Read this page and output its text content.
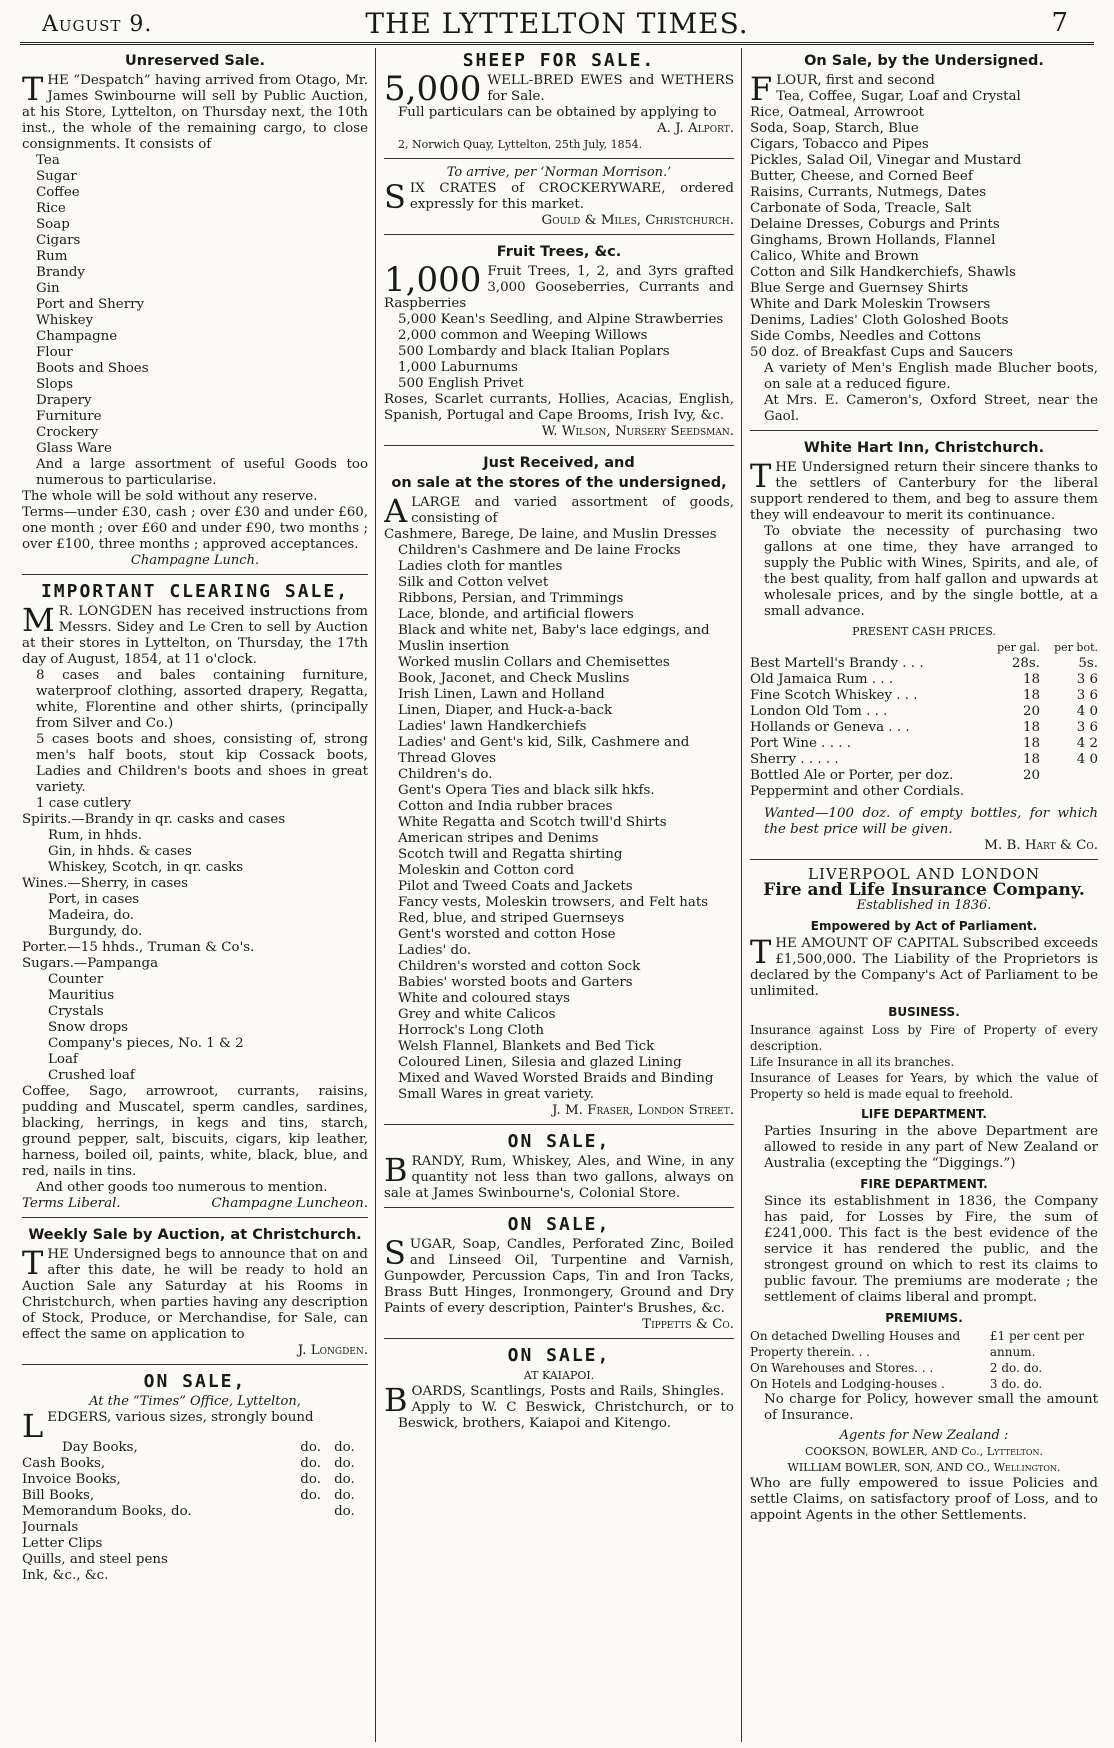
August 9.	THE LYTTELTON TIMES.	7
Unreserved Sale.

THE “Despatch” having arrived from Otago, Mr. James Swinbourne will sell by Public Auction, at his Store, Lyttelton, on Thursday next, the 10th inst., the whole of the remaining cargo, to close consignments. It consists of

Tea
Sugar
Coffee
Rice
Soap
Cigars
Rum
Brandy
Gin
Port and Sherry
Whiskey
Champagne
Flour
Boots and Shoes
Slops
Drapery
Furniture
Crockery
Glass Ware

And a large assortment of useful Goods too numerous to particularise.

The whole will be sold without any reserve.

Terms—under £30, cash ; over £30 and under £60, one month ; over £60 and under £90, two months ; over £100, three months ; approved acceptances.

Champagne Lunch.
IMPORTANT CLEARING SALE,

M R. LONGDEN has received instructions from Messrs. Sidey and Le Cren to sell by Auction at their stores in Lyttelton, on Thursday, the 17th day of August, 1854, at 11 o'clock.

8 cases and bales containing furniture, waterproof clothing, assorted drapery, Regatta, white, Florentine and other shirts, (principally from Silver and Co.)

5 cases boots and shoes, consisting of, strong men's half boots, stout kip Cossack boots, Ladies and Children's boots and shoes in great variety.

1 case cutlery

Spirits.—Brandy in qr. casks and cases
Rum, in hhds.
Gin, in hhds. & cases
Whiskey, Scotch, in qr. casks
Wines.—Sherry, in cases
Port, in cases
Madeira, do.
Burgundy, do.
Porter.—15 hhds., Truman & Co's.
Sugars.—Pampanga
Counter
Mauritius
Crystals
Snow drops
Company's pieces, No. 1 & 2
Loaf
Crushed loaf

Coffee, Sago, arrowroot, currants, raisins, pudding and Muscatel, sperm candles, sardines, blacking, herrings, in kegs and tins, starch, ground pepper, salt, biscuits, cigars, kip leather, harness, boiled oil, paints, white, black, blue, and red, nails in tins.

And other goods too numerous to mention.

Terms Liberal.	Champagne Luncheon.
Weekly Sale by Auction, at Christchurch.

THE Undersigned begs to announce that on and after this date, he will be ready to hold an Auction Sale any Saturday at his Rooms in Christchurch, when parties having any description of Stock, Produce, or Merchandise, for Sale, can effect the same on application to

J. Longden.
ON SALE,
At the “Times” Office, Lyttelton,

LEDGERS, various sizes, strongly bound

Day Books,	do.	do.
Cash Books,	do.	do.
Invoice Books,	do.	do.
Bill Books,	do.	do.
Memorandum Books, do.		do.
Journals
Letter Clips
Quills, and steel pens
Ink, &c., &c.
SHEEP FOR SALE.

5,000 WELL-BRED EWES and WETHERS for Sale.

Full particulars can be obtained by applying to

A. J. Alport.
2, Norwich Quay, Lyttelton, 25th July, 1854.
To arrive, per ‘Norman Morrison.’

SIX CRATES of CROCKERYWARE, ordered expressly for this market.

Gould & Miles, Christchurch.
Fruit Trees, &c.

1,000 Fruit Trees, 1, 2, and 3yrs grafted 3,000 Gooseberries, Currants and Raspberries

5,000 Kean's Seedling, and Alpine Strawberries
2,000 common and Weeping Willows
500 Lombardy and black Italian Poplars
1,000 Laburnums
500 English Privet

Roses, Scarlet currants, Hollies, Acacias, English, Spanish, Portugal and Cape Brooms, Irish Ivy, &c.

W. Wilson, Nursery Seedsman.
Just Received, and
on sale at the stores of the undersigned,

ALARGE and varied assortment of goods, consisting of

Cashmere, Barege, De laine, and Muslin Dresses
Children's Cashmere and De laine Frocks
Ladies cloth for mantles
Silk and Cotton velvet
Ribbons, Persian, and Trimmings
Lace, blonde, and artificial flowers
Black and white net, Baby's lace edgings, and Muslin insertion
Worked muslin Collars and Chemisettes
Book, Jaconet, and Check Muslins
Irish Linen, Lawn and Holland
Linen, Diaper, and Huck-a-back
Ladies' lawn Handkerchiefs
Ladies' and Gent's kid, Silk, Cashmere and Thread Gloves
Children's do.
Gent's Opera Ties and black silk hkfs.
Cotton and India rubber braces
White Regatta and Scotch twill'd Shirts
American stripes and Denims
Scotch twill and Regatta shirting
Moleskin and Cotton cord
Pilot and Tweed Coats and Jackets
Fancy vests, Moleskin trowsers, and Felt hats
Red, blue, and striped Guernseys
Gent's worsted and cotton Hose
Ladies' do.
Children's worsted and cotton Sock
Babies' worsted boots and Garters
White and coloured stays
Grey and white Calicos
Horrock's Long Cloth
Welsh Flannel, Blankets and Bed Tick
Coloured Linen, Silesia and glazed Lining
Mixed and Waved Worsted Braids and Binding
Small Wares in great variety.
J. M. Fraser, London Street.
ON SALE,

BRANDY, Rum, Whiskey, Ales, and Wine, in any quantity not less than two gallons, always on sale at James Swinbourne's, Colonial Store.

ON SALE,

SUGAR, Soap, Candles, Perforated Zinc, Boiled and Linseed Oil, Turpentine and Varnish, Gunpowder, Percussion Caps, Tin and Iron Tacks, Brass Butt Hinges, Ironmongery, Ground and Dry Paints of every description, Painter's Brushes, &c.

Tippetts & Co.
ON SALE,
AT KAIAPOI.

BOARDS, Scantlings, Posts and Rails, Shingles.

Apply to W. C Beswick, Christchurch, or to Beswick, brothers, Kaiapoi and Kitengo.

On Sale, by the Undersigned.

FLOUR, first and second

Tea, Coffee, Sugar, Loaf and Crystal
Rice, Oatmeal, Arrowroot
Soda, Soap, Starch, Blue
Cigars, Tobacco and Pipes
Pickles, Salad Oil, Vinegar and Mustard
Butter, Cheese, and Corned Beef
Raisins, Currants, Nutmegs, Dates
Carbonate of Soda, Treacle, Salt
Delaine Dresses, Coburgs and Prints
Ginghams, Brown Hollands, Flannel
Calico, White and Brown
Cotton and Silk Handkerchiefs, Shawls
Blue Serge and Guernsey Shirts
White and Dark Moleskin Trowsers
Denims, Ladies' Cloth Goloshed Boots
Side Combs, Needles and Cottons
50 doz. of Breakfast Cups and Saucers

A variety of Men's English made Blucher boots, on sale at a reduced figure.

At Mrs. E. Cameron's, Oxford Street, near the Gaol.

White Hart Inn, Christchurch.

THE Undersigned return their sincere thanks to the settlers of Canterbury for the liberal support rendered to them, and beg to assure them they will endeavour to merit its continuance.

To obviate the necessity of purchasing two gallons at one time, they have arranged to supply the Public with Wines, Spirits, and ale, of the best quality, from half gallon and upwards at wholesale prices, and by the single bottle, at a small advance.

PRESENT CASH PRICES.
	per gal.	per bot.
Best Martell's Brandy . . .	28s.	5s.
Old Jamaica Rum . . .	18	3 6
Fine Scotch Whiskey . . .	18	3 6
London Old Tom . . .	20	4 0
Hollands or Geneva . . .	18	3 6
Port Wine . . . .	18	4 2
Sherry . . . . .	18	4 0
Bottled Ale or Porter, per doz.	20	
Peppermint and other Cordials.

Wanted—100 doz. of empty bottles, for which the best price will be given.

M. B. Hart & Co.
LIVERPOOL AND LONDON
Fire and Life Insurance Company.
Established in 1836.
Empowered by Act of Parliament.

THE AMOUNT OF CAPITAL Subscribed exceeds £1,500,000. The Liability of the Proprietors is declared by the Company's Act of Parliament to be unlimited.

BUSINESS.

Insurance against Loss by Fire of Property of every description.

Life Insurance in all its branches.

Insurance of Leases for Years, by which the value of Property so held is made equal to freehold.

LIFE DEPARTMENT.

Parties Insuring in the above Department are allowed to reside in any part of New Zealand or Australia (excepting the “Diggings.”)

FIRE DEPARTMENT.

Since its establishment in 1836, the Company has paid, for Losses by Fire, the sum of £241,000. This fact is the best evidence of the service it has rendered the public, and the strongest ground on which to rest its claims to public favour. The premiums are moderate ; the settlement of claims liberal and prompt.

PREMIUMS.
On detached Dwelling Houses and Property therein. . .	£1 per cent per annum.
On Warehouses and Stores. . .	2 do. do.
On Hotels and Lodging-houses .	3 do. do.

No charge for Policy, however small the amount of Insurance.

Agents for New Zealand :
COOKSON, BOWLER, AND Co., Lyttelton.
WILLIAM BOWLER, SON, AND CO., Wellington.

Who are fully empowered to issue Policies and settle Claims, on satisfactory proof of Loss, and to appoint Agents in the other Settlements.
